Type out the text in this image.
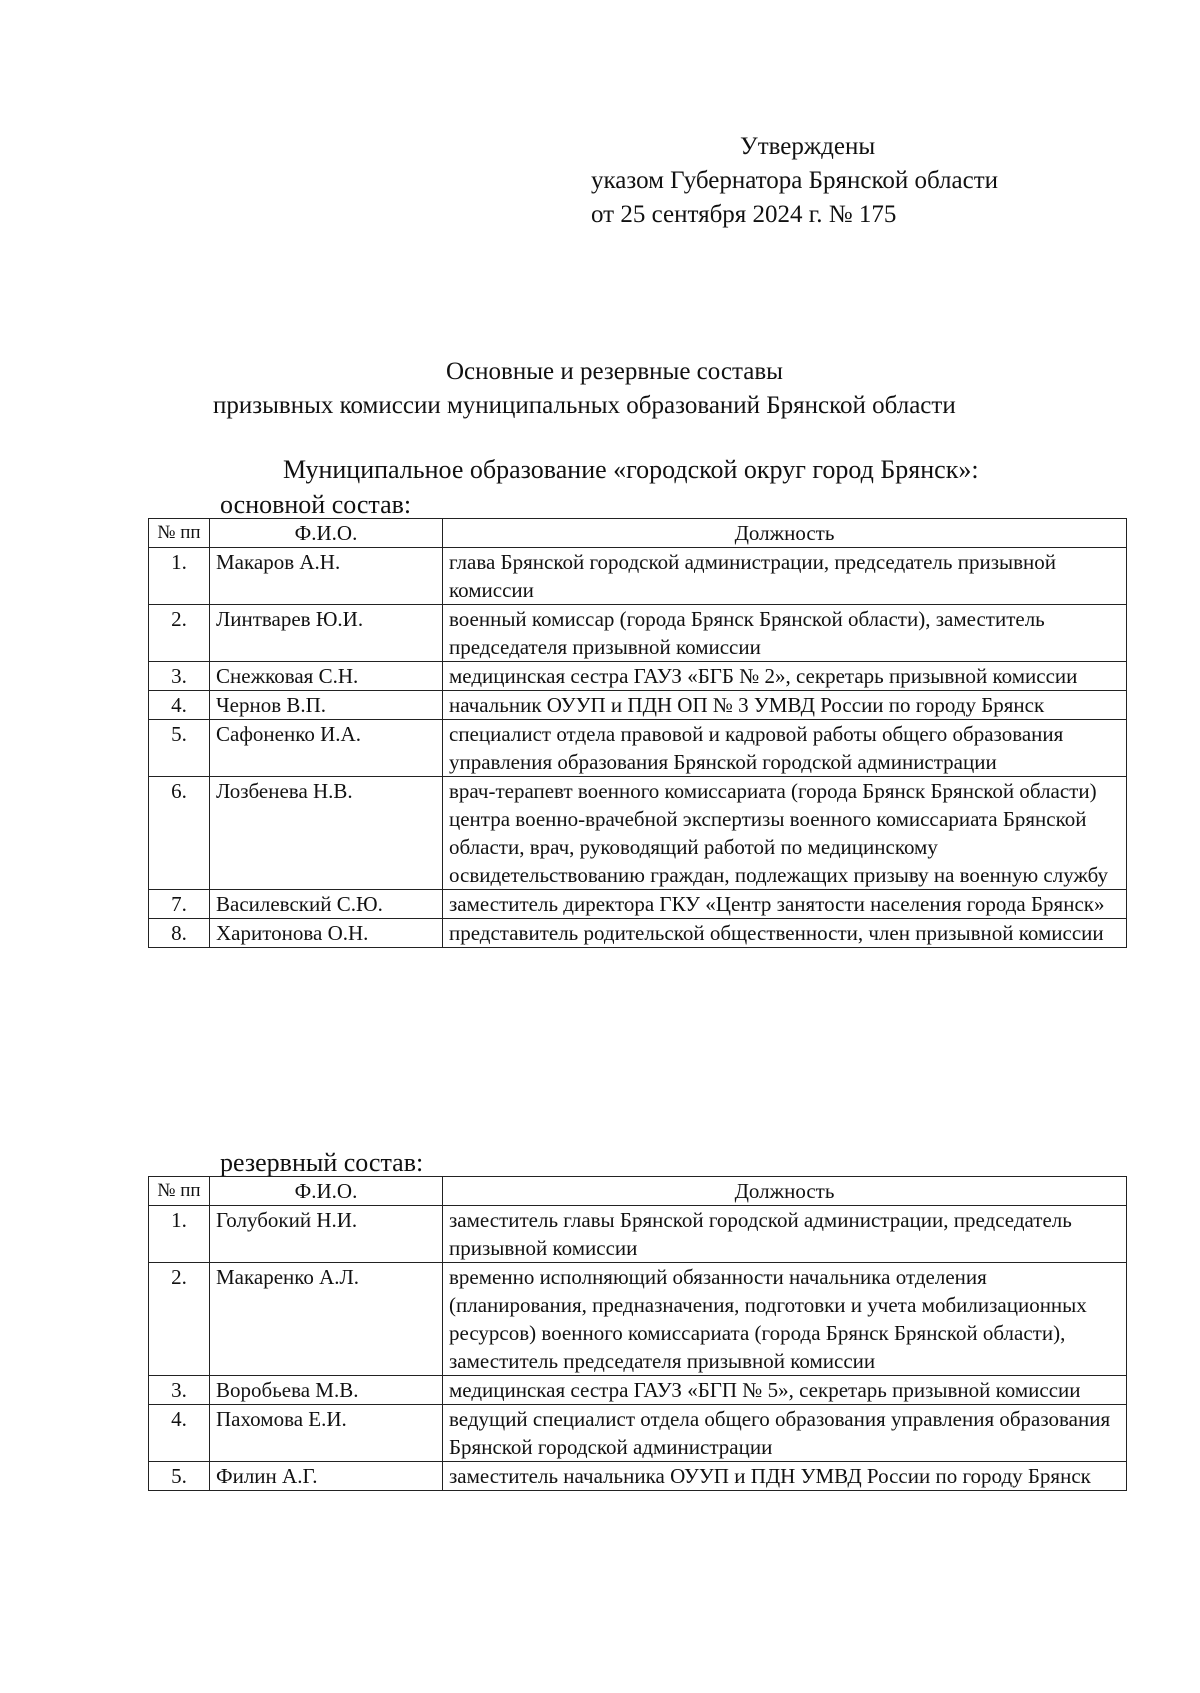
Утверждены
указом Губернатора Брянской области
от 25 сентября 2024 г. № 175
Основные и резервные составы
призывных комиссии муниципальных образований Брянской области
Муниципальное образование «городской округ город Брянск»:
основной состав:
№ пп	Ф.И.О.	Должность
1.	Макаров А.Н.	глава Брянской городской администрации, председатель призывной комиссии
2.	Линтварев Ю.И.	военный комиссар (города Брянск Брянской области), заместитель председателя призывной комиссии
3.	Снежковая С.Н.	медицинская сестра ГАУЗ «БГБ № 2», секретарь призывной комиссии
4.	Чернов В.П.	начальник ОУУП и ПДН ОП № 3 УМВД России по городу Брянск
5.	Сафоненко И.А.	специалист отдела правовой и кадровой работы общего образования управления образования Брянской городской администрации
6.	Лозбенева Н.В.	врач-терапевт военного комиссариата (города Брянск Брянской области) центра военно-врачебной экспертизы военного комиссариата Брянской области, врач, руководящий работой по медицинскому освидетельствованию граждан, подлежащих призыву на военную службу
7.	Василевский С.Ю.	заместитель директора ГКУ «Центр занятости населения города Брянск»
8.	Харитонова О.Н.	представитель родительской общественности, член призывной комиссии
резервный состав:
№ пп	Ф.И.О.	Должность
1.	Голубокий Н.И.	заместитель главы Брянской городской администрации, председатель призывной комиссии
2.	Макаренко А.Л.	временно исполняющий обязанности начальника отделения (планирования, предназначения, подготовки и учета мобилизационных ресурсов) военного комиссариата (города Брянск Брянской области), заместитель председателя призывной комиссии
3.	Воробьева М.В.	медицинская сестра ГАУЗ «БГП № 5», секретарь призывной комиссии
4.	Пахомова Е.И.	ведущий специалист отдела общего образования управления образования Брянской городской администрации
5.	Филин А.Г.	заместитель начальника ОУУП и ПДН УМВД России по городу Брянск
